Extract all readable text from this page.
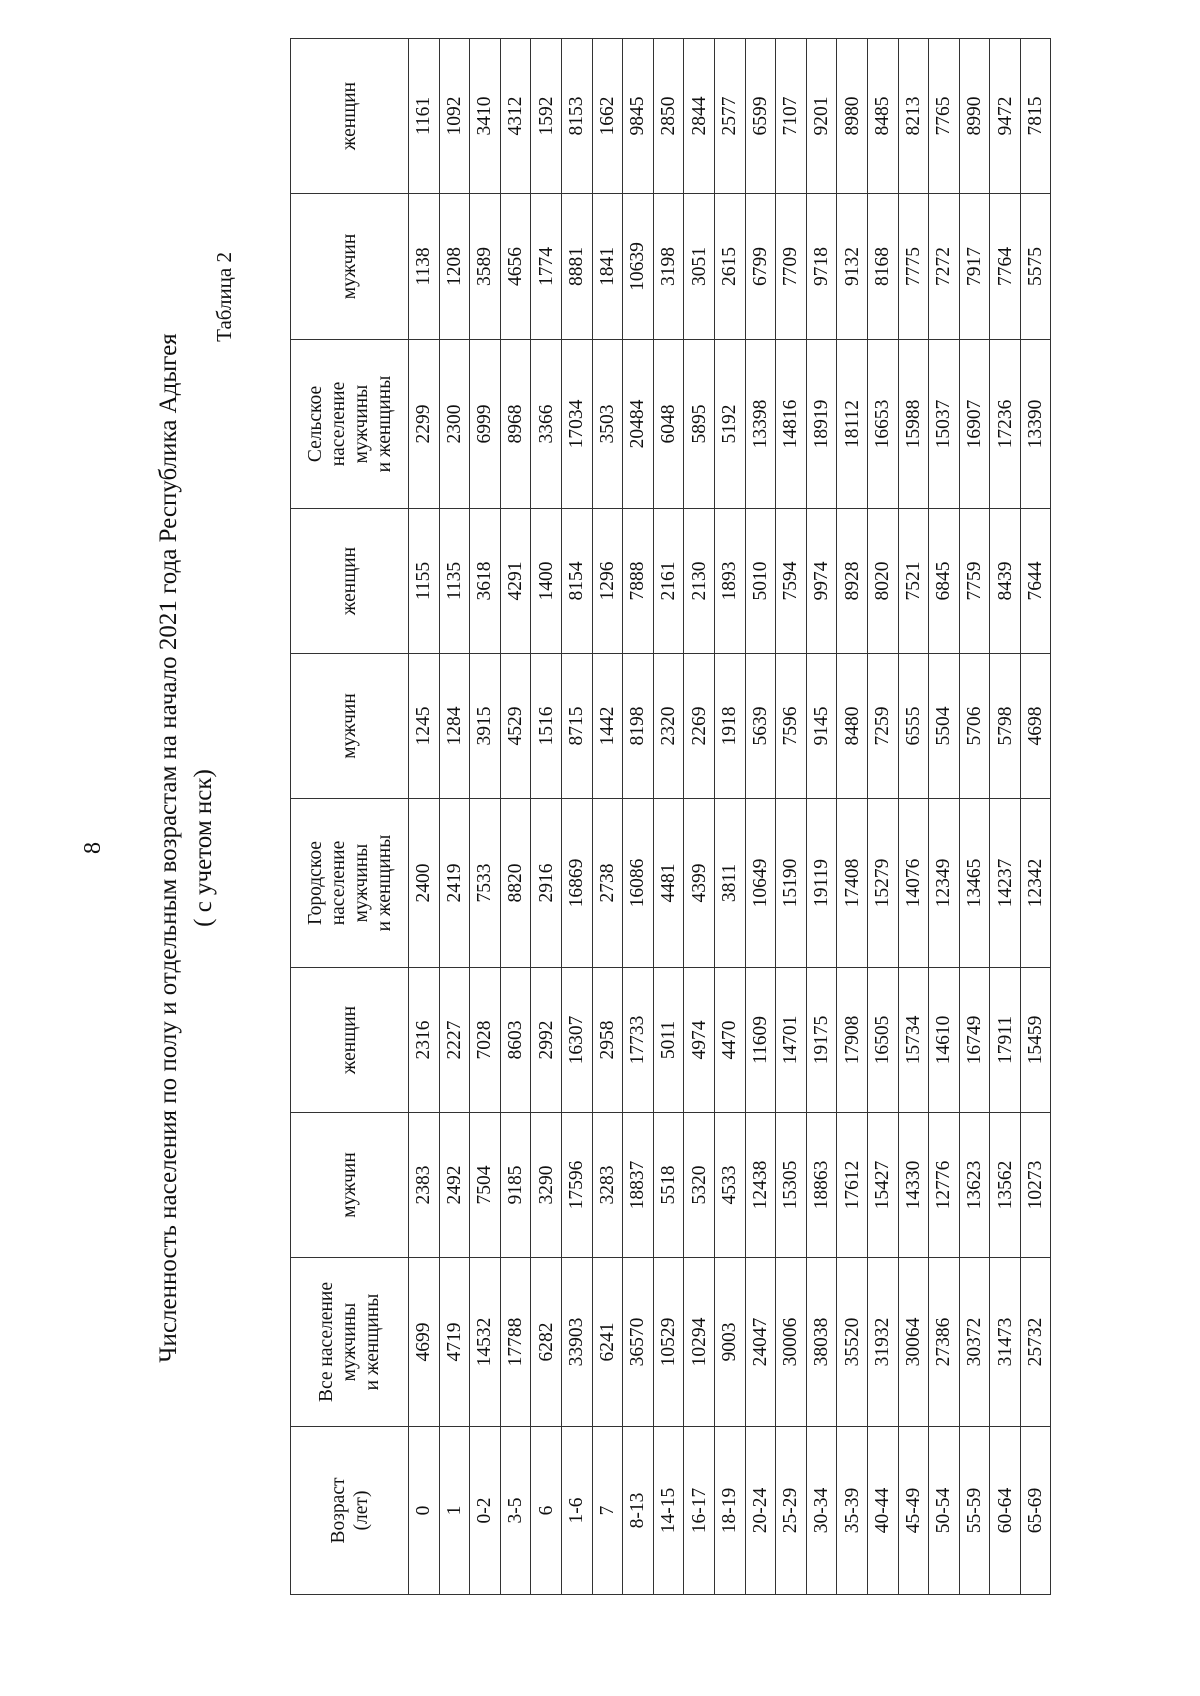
8 Численность населения по полу и отдельным возрастам на начало 2021 года Республика Адыгея ( с учетом нск)
Таблица 2
Возраст (лет)	Все население мужчины и женщины	мужчин	женщин	Городское население мужчины и женщины	мужчин	женщин	Сельское население мужчины и женщины	мужчин	женщин
0	4699	2383	2316	2400	1245	1155	2299	1138	1161
1	4719	2492	2227	2419	1284	1135	2300	1208	1092
0-2	14532	7504	7028	7533	3915	3618	6999	3589	3410
3-5	17788	9185	8603	8820	4529	4291	8968	4656	4312
6	6282	3290	2992	2916	1516	1400	3366	1774	1592
1-6	33903	17596	16307	16869	8715	8154	17034	8881	8153
7	6241	3283	2958	2738	1442	1296	3503	1841	1662
8-13	36570	18837	17733	16086	8198	7888	20484	10639	9845
14-15	10529	5518	5011	4481	2320	2161	6048	3198	2850
16-17	10294	5320	4974	4399	2269	2130	5895	3051	2844
18-19	9003	4533	4470	3811	1918	1893	5192	2615	2577
20-24	24047	12438	11609	10649	5639	5010	13398	6799	6599
25-29	30006	15305	14701	15190	7596	7594	14816	7709	7107
30-34	38038	18863	19175	19119	9145	9974	18919	9718	9201
35-39	35520	17612	17908	17408	8480	8928	18112	9132	8980
40-44	31932	15427	16505	15279	7259	8020	16653	8168	8485
45-49	30064	14330	15734	14076	6555	7521	15988	7775	8213
50-54	27386	12776	14610	12349	5504	6845	15037	7272	7765
55-59	30372	13623	16749	13465	5706	7759	16907	7917	8990
60-64	31473	13562	17911	14237	5798	8439	17236	7764	9472
65-69	25732	10273	15459	12342	4698	7644	13390	5575	7815
